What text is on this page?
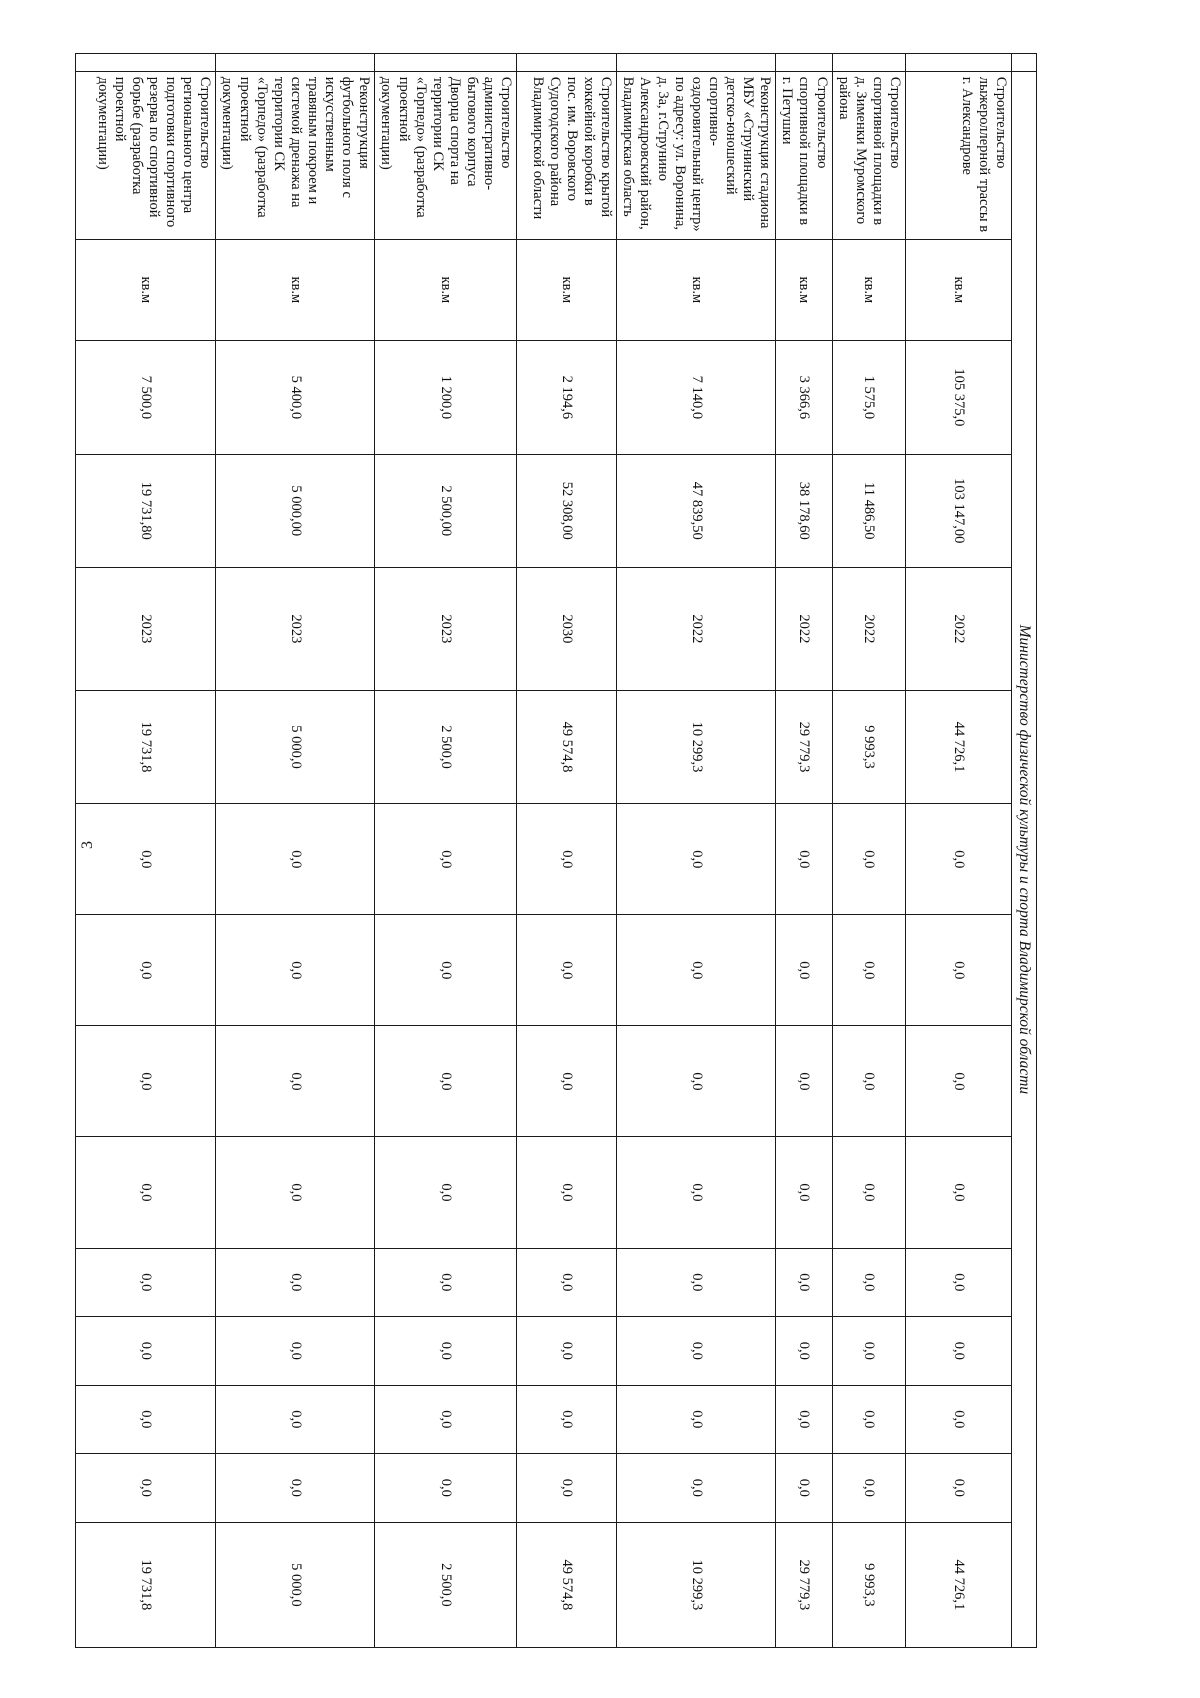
3
		Министерство физической культуры и спорта Владимирской области														
	Строительство лыжероллерной трассы в г. Александрове	кв.м	105 375,0	103 147,00	2022	44 726,1	0,0	0,0	0,0	0,0	0,0	0,0	0,0	0,0	44 726,1
	Строительство спортивной площадки в д. Зименки Муромского района	кв.м	1 575,0	11 486,50	2022	9 993,3	0,0	0,0	0,0	0,0	0,0	0,0	0,0	0,0	9 993,3
	Строительство спортивной площадки в г. Петушки	кв.м	3 366,6	38 178,60	2022	29 779,3	0,0	0,0	0,0	0,0	0,0	0,0	0,0	0,0	29 779,3
	Реконструкция стадиона МБУ «Струнинский детско-юношеский спортивно-оздоровительный центр» по адресу: ул. Воронина, д. 3а, г.Струнино Александровский район, Владимирская область	кв.м	7 140,0	47 839,50	2022	10 299,3	0,0	0,0	0,0	0,0	0,0	0,0	0,0	0,0	10 299,3
	Строительство крытой хоккейной коробки в пос. им. Воровского Судогодского района Владимирской области	кв.м	2 194,6	52 308,00	2030	49 574,8	0,0	0,0	0,0	0,0	0,0	0,0	0,0	0,0	49 574,8
	Строительство административно-бытового корпуса Дворца спорта на территории СК «Торпедо» (разработка проектной документации)	кв.м	1 200,0	2 500,00	2023	2 500,0	0,0	0,0	0,0	0,0	0,0	0,0	0,0	0,0	2 500,0
	Реконструкция футбольного поля с искусственным травяным покроем и системой дренажа на территории СК «Торпедо» (разработка проектной документации)	кв.м	5 400,0	5 000,00	2023	5 000,0	0,0	0,0	0,0	0,0	0,0	0,0	0,0	0,0	5 000,0
	Строительство регионального центра подготовки спортивного резерва по спортивной борьбе (разработка проектной документации)	кв.м	7 500,0	19 731,80	2023	19 731,8	0,0	0,0	0,0	0,0	0,0	0,0	0,0	0,0	19 731,8
